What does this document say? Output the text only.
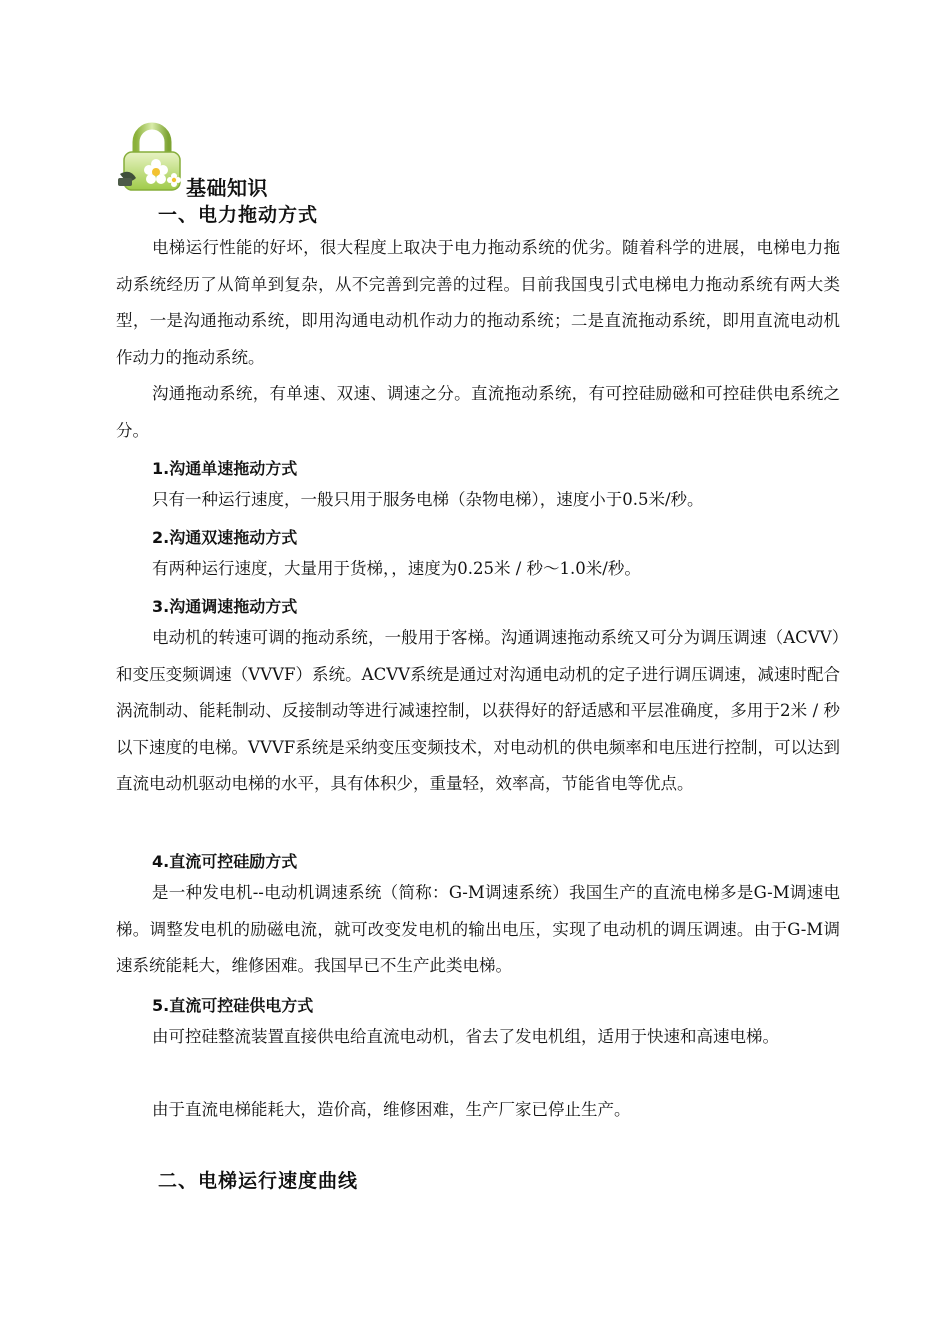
基础知识
一、电力拖动方式

电梯运行性能的好坏，很大程度上取决于电力拖动系统的优劣。随着科学的进展，电梯电力拖动系统经历了从简单到复杂，从不完善到完善的过程。目前我国曳引式电梯电力拖动系统有两大类型，一是沟通拖动系统，即用沟通电动机作动力的拖动系统；二是直流拖动系统，即用直流电动机作动力的拖动系统。

沟通拖动系统，有单速、双速、调速之分。直流拖动系统，有可控硅励磁和可控硅供电系统之分。

1.沟通单速拖动方式

只有一种运行速度，一般只用于服务电梯（杂物电梯），速度小于0.5米/秒。

2.沟通双速拖动方式

有两种运行速度，大量用于货梯，，速度为0.25米 / 秒～1.0米/秒。

3.沟通调速拖动方式

电动机的转速可调的拖动系统，一般用于客梯。沟通调速拖动系统又可分为调压调速（ACVV）和变压变频调速（VVVF）系统。ACVV系统是通过对沟通电动机的定子进行调压调速，减速时配合涡流制动、能耗制动、反接制动等进行减速控制，以获得好的舒适感和平层准确度，多用于2米 / 秒以下速度的电梯。VVVF系统是采纳变压变频技术，对电动机的供电频率和电压进行控制，可以达到直流电动机驱动电梯的水平，具有体积少，重量轻，效率高，节能省电等优点。

4.直流可控硅励方式

是一种发电机--电动机调速系统（简称：G-M调速系统）我国生产的直流电梯多是G-M调速电梯。调整发电机的励磁电流，就可改变发电机的输出电压，实现了电动机的调压调速。由于G-M调速系统能耗大，维修困难。我国早已不生产此类电梯。

5.直流可控硅供电方式

由可控硅整流装置直接供电给直流电动机，省去了发电机组，适用于快速和高速电梯。

由于直流电梯能耗大，造价高，维修困难，生产厂家已停止生产。

二、电梯运行速度曲线
